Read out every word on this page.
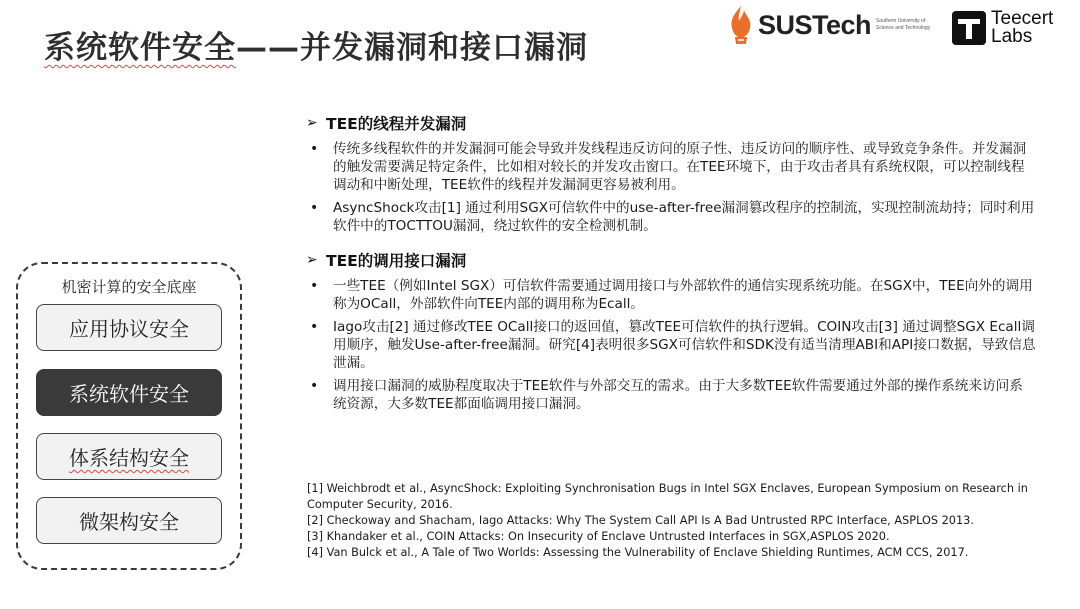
系统软件安全——并发漏洞和接口漏洞
SUSTech Southern University of Science and Technology	Teecert
Labs
机密计算的安全底座
应用协议安全
系统软件安全
体系结构安全
微架构安全
➢ TEE的线程并发漏洞
• 传统多线程软件的并发漏洞可能会导致并发线程违反访问的原子性、违反访问的顺序性、或导致竞争条件。并发漏洞的触发需要满足特定条件，比如相对较长的并发攻击窗口。在TEE环境下，由于攻击者具有系统权限，可以控制线程调动和中断处理，TEE软件的线程并发漏洞更容易被利用。
• AsyncShock攻击[1] 通过利用SGX可信软件中的use-after-free漏洞篡改程序的控制流，实现控制流劫持；同时利用软件中的TOCTTOU漏洞，绕过软件的安全检测机制。
➢ TEE的调用接口漏洞
• 一些TEE（例如Intel SGX）可信软件需要通过调用接口与外部软件的通信实现系统功能。在SGX中，TEE向外的调用称为OCall，外部软件向TEE内部的调用称为Ecall。
• Iago攻击[2] 通过修改TEE OCall接口的返回值，篡改TEE可信软件的执行逻辑。COIN攻击[3] 通过调整SGX Ecall调用顺序，触发Use-after-free漏洞。研究[4]表明很多SGX可信软件和SDK没有适当清理ABI和API接口数据，导致信息泄漏。
• 调用接口漏洞的威胁程度取决于TEE软件与外部交互的需求。由于大多数TEE软件需要通过外部的操作系统来访问系统资源，大多数TEE都面临调用接口漏洞。
[1] Weichbrodt et al., AsyncShock: Exploiting Synchronisation Bugs in Intel SGX Enclaves, European Symposium on Research in Computer Security, 2016.
[2] Checkoway and Shacham, Iago Attacks: Why The System Call API Is A Bad Untrusted RPC Interface, ASPLOS 2013.
[3] Khandaker et al., COIN Attacks: On Insecurity of Enclave Untrusted Interfaces in SGX,ASPLOS 2020.
[4] Van Bulck et al., A Tale of Two Worlds: Assessing the Vulnerability of Enclave Shielding Runtimes, ACM CCS, 2017.
